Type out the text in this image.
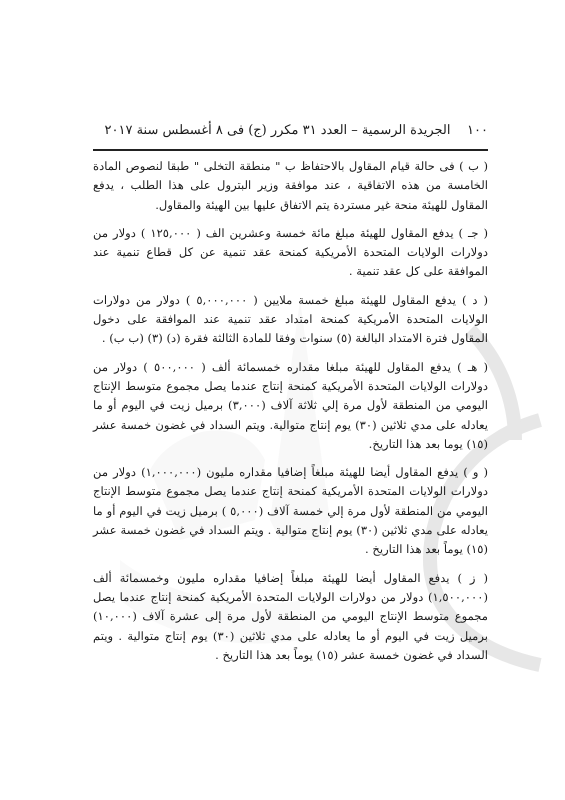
١٠٠    الجريدة الرسمية – العدد ٣١ مكرر (ج) فى ٨ أغسطس سنة ٢٠١٧

( ب ) فى حالة قيام المقاول بالاحتفاظ ب " منطقة التخلى " طبقا لنصوص المادة الخامسة من هذه الاتفاقية ، عند موافقة وزير البترول على هذا الطلب ، يدفع المقاول للهيئة منحة غير مستردة يتم الاتفاق عليها بين الهيئة والمقاول.

( جـ ) يدفع المقاول للهيئة مبلغ مائة خمسة وعشرين الف ( ١٢٥,٠٠٠ ) دولار من دولارات الولايات المتحدة الأمريكية كمنحة عقد تنمية عن كل قطاع تنمية عند الموافقة على كل عقد تنمية .

( د ) يدفع المقاول للهيئة مبلغ خمسة ملايين ( ٥,٠٠٠,٠٠٠ ) دولار من دولارات الولايات المتحدة الأمريكية كمنحة امتداد عقد تنمية عند الموافقة على دخول المقاول فترة الامتداد البالغة (٥) سنوات وفقا للمادة الثالثة فقرة (د) (٣) (ب ب) .

( هـ ) يدفع المقاول للهيئة مبلغا مقداره خمسمائة ألف ( ٥٠٠,٠٠٠ ) دولار من دولارات الولايات المتحدة الأمريكية كمنحة إنتاج عندما يصل مجموع متوسط الإنتاج اليومي من المنطقة لأول مرة إلي ثلاثة آلاف (٣,٠٠٠) برميل زيت في اليوم أو ما يعادله على مدي ثلاثين (٣٠) يوم إنتاج متوالية. ويتم السداد في غضون خمسة عشر (١٥) يوما بعد هذا التاريخ.

( و ) يدفع المقاول أيضا للهيئة مبلغاً إضافيا مقداره مليون (١,٠٠٠,٠٠٠) دولار من دولارات الولايات المتحدة الأمريكية كمنحة إنتاج عندما يصل مجموع متوسط الإنتاج اليومي من المنطقة لأول مرة إلي خمسة آلاف (٥,٠٠٠ ) برميل زيت في اليوم أو ما يعادله على مدي ثلاثين (٣٠) يوم إنتاج متوالية . ويتم السداد في غضون خمسة عشر (١٥) يوماً بعد هذا التاريخ .

( ز ) يدفع المقاول أيضا للهيئة مبلغاً إضافيا مقداره مليون وخمسمائة ألف (١,٥٠٠,٠٠٠) دولار من دولارات الولايات المتحدة الأمريكية كمنحة إنتاج عندما يصل مجموع متوسط الإنتاج اليومي من المنطقة لأول مرة إلى عشرة آلاف (١٠,٠٠٠) برميل زيت في اليوم أو ما يعادله على مدي ثلاثين (٣٠) يوم إنتاج متوالية . ويتم السداد في غضون خمسة عشر (١٥) يوماً بعد هذا التاريخ .
